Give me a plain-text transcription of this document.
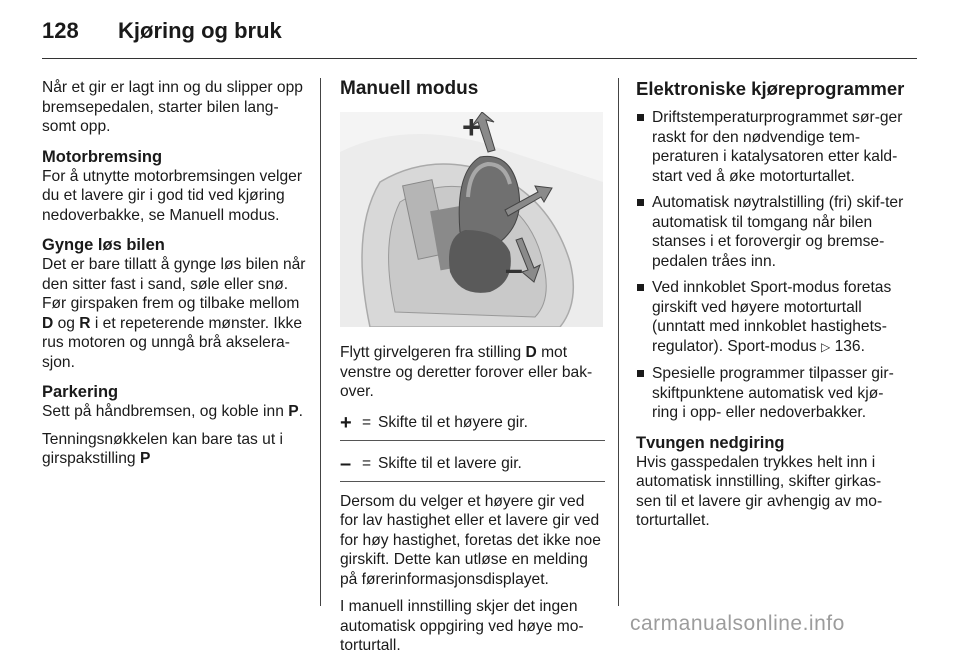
128 Kjøring og bruk

Når et gir er lagt inn og du slipper opp bremsepedalen, starter bilen lang-somt opp.

Motorbremsing

For å utnytte motorbremsingen velger du et lavere gir i god tid ved kjøring nedoverbakke, se Manuell modus.

Gynge løs bilen

Det er bare tillatt å gynge løs bilen når den sitter fast i sand, søle eller snø. Før girspaken frem og tilbake mellom D og R i et repeterende mønster. Ikke rus motoren og unngå brå akselera-sjon.

Parkering

Sett på håndbremsen, og koble inn P.

Tenningsnøkkelen kan bare tas ut i girspakstilling P

Manuell modus
+
–

Flytt girvelgeren fra stilling D mot venstre og deretter forover eller bak-over.

+ = Skifte til et høyere gir.
– = Skifte til et lavere gir.

Dersom du velger et høyere gir ved for lav hastighet eller et lavere gir ved for høy hastighet, foretas det ikke noe girskift. Dette kan utløse en melding på førerinformasjonsdisplayet.

I manuell innstilling skjer det ingen automatisk oppgiring ved høye mo-torturtall.

Elektroniske kjøreprogrammer
Driftstemperaturprogrammet sør-ger raskt for den nødvendige tem-peraturen i katalysatoren etter kald-start ved å øke motorturtallet.
Automatisk nøytralstilling (fri) skif-ter automatisk til tomgang når bilen stanses i et forovergir og bremse-pedalen tråes inn.
Ved innkoblet Sport-modus foretas girskift ved høyere motorturtall (unntatt med innkoblet hastighets-regulator). Sport-modus ▷ 136.
Spesielle programmer tilpasser gir-skiftpunktene automatisk ved kjø-ring i opp- eller nedoverbakker.
Tvungen nedgiring

Hvis gasspedalen trykkes helt inn i automatisk innstilling, skifter girkas-sen til et lavere gir avhengig av mo-torturtallet.

carmanualsonline.info
